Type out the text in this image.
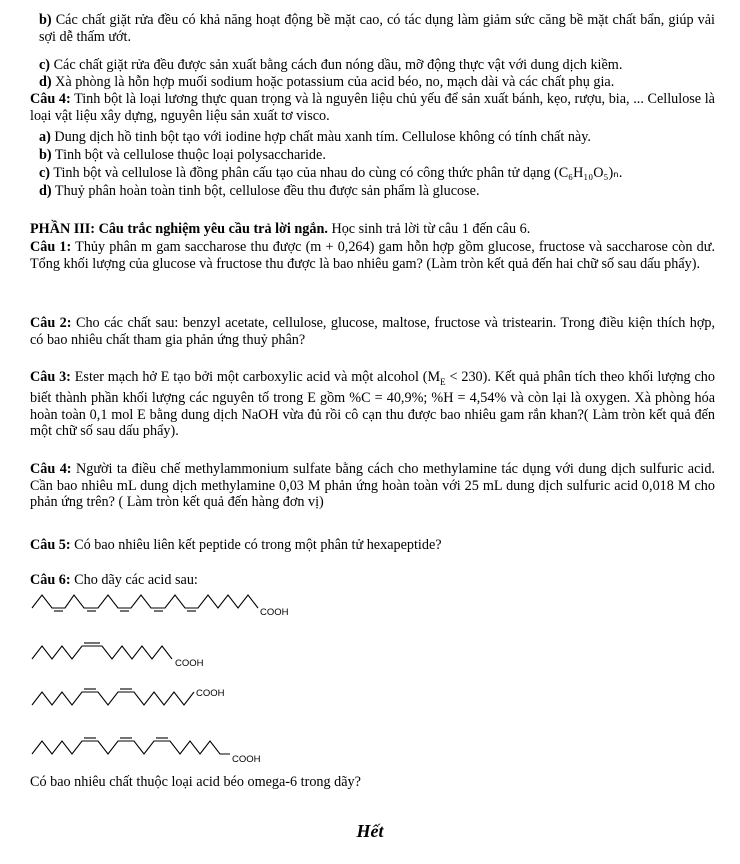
b) Các chất giặt rửa đều có khả năng hoạt động bề mặt cao, có tác dụng làm giảm sức căng bề mặt chất bẩn, giúp vải sợi dễ thấm ướt.
c) Các chất giặt rửa đều được sản xuất bằng cách đun nóng dầu, mỡ động thực vật với dung dịch kiềm.
d) Xà phòng là hỗn hợp muối sodium hoặc potassium của acid béo, no, mạch dài và các chất phụ gia.
Câu 4: Tinh bột là loại lương thực quan trọng và là nguyên liệu chủ yếu để sản xuất bánh, kẹo, rượu, bia, ... Cellulose là loại vật liệu xây dựng, nguyên liệu sản xuất tơ visco.
a) Dung dịch hồ tinh bột tạo với iodine hợp chất màu xanh tím. Cellulose không có tính chất này.
b) Tinh bột và cellulose thuộc loại polysaccharide.
c) Tinh bột và cellulose là đồng phân cấu tạo của nhau do cùng có công thức phân tử dạng (C₆H₁₀O₅)ₙ.
d) Thuỷ phân hoàn toàn tinh bột, cellulose đều thu được sản phẩm là glucose.
PHẦN III: Câu trắc nghiệm yêu cầu trả lời ngắn. Học sinh trả lời từ câu 1 đến câu 6.
Câu 1: Thủy phân m gam saccharose thu được (m + 0,264) gam hỗn hợp gồm glucose, fructose và saccharose còn dư. Tổng khối lượng của glucose và fructose thu được là bao nhiêu gam? (Làm tròn kết quả đến hai chữ số sau dấu phẩy).
Câu 2: Cho các chất sau: benzyl acetate, cellulose, glucose, maltose, fructose và tristearin. Trong điều kiện thích hợp, có bao nhiêu chất tham gia phản ứng thuỷ phân?
Câu 3: Ester mạch hở E tạo bởi một carboxylic acid và một alcohol $(M_E < 230)$. Kết quả phân tích theo khối lượng cho biết thành phần khối lượng các nguyên tố trong E gồm %C = 40,9%; %H = 4,54% và còn lại là oxygen. Xà phòng hóa hoàn toàn 0,1 mol E bằng dung dịch NaOH vừa đủ rồi cô cạn thu được bao nhiêu gam rắn khan?( Làm tròn kết quả đến một chữ số sau dấu phẩy).
Câu 4: Người ta điều chế methylammonium sulfate bằng cách cho methylamine tác dụng với dung dịch sulfuric acid. Cần bao nhiêu mL dung dịch methylamine 0,03 M phản ứng hoàn toàn với 25 mL dung dịch sulfuric acid 0,018 M cho phản ứng trên? ( Làm tròn kết quả đến hàng đơn vị)
Câu 5: Có bao nhiêu liên kết peptide có trong một phân tử hexapeptide?
Câu 6: Cho dãy các acid sau:
COOH
COOH
COOH
COOH
Có bao nhiêu chất thuộc loại acid béo omega-6 trong dãy?
Hết
